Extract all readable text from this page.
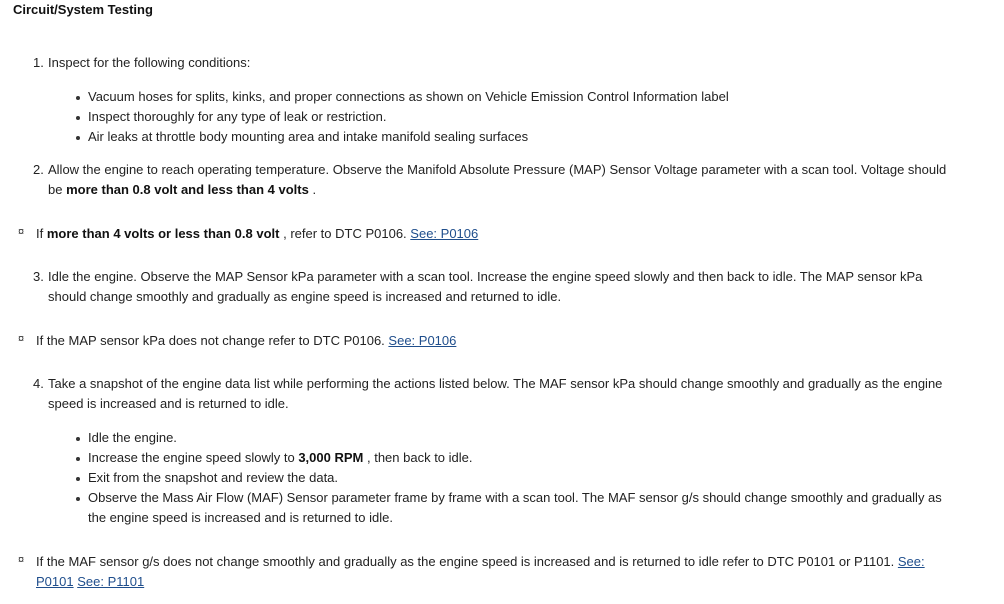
Circuit/System Testing
1. Inspect for the following conditions:
Vacuum hoses for splits, kinks, and proper connections as shown on Vehicle Emission Control Information label
Inspect thoroughly for any type of leak or restriction.
Air leaks at throttle body mounting area and intake manifold sealing surfaces
2. Allow the engine to reach operating temperature. Observe the Manifold Absolute Pressure (MAP) Sensor Voltage parameter with a scan tool. Voltage should
be more than 0.8 volt and less than 4 volts .
¤ If more than 4 volts or less than 0.8 volt , refer to DTC P0106. See: P0106
3. Idle the engine. Observe the MAP Sensor kPa parameter with a scan tool. Increase the engine speed slowly and then back to idle. The MAP sensor kPa
should change smoothly and gradually as engine speed is increased and returned to idle.
¤ If the MAP sensor kPa does not change refer to DTC P0106. See: P0106
4. Take a snapshot of the engine data list while performing the actions listed below. The MAF sensor kPa should change smoothly and gradually as the engine
speed is increased and is returned to idle.
Idle the engine.
Increase the engine speed slowly to 3,000 RPM , then back to idle.
Exit from the snapshot and review the data.
Observe the Mass Air Flow (MAF) Sensor parameter frame by frame with a scan tool. The MAF sensor g/s should change smoothly and gradually as
the engine speed is increased and is returned to idle.
¤ If the MAF sensor g/s does not change smoothly and gradually as the engine speed is increased and is returned to idle refer to DTC P0101 or P1101. See:
P0101 See: P1101
